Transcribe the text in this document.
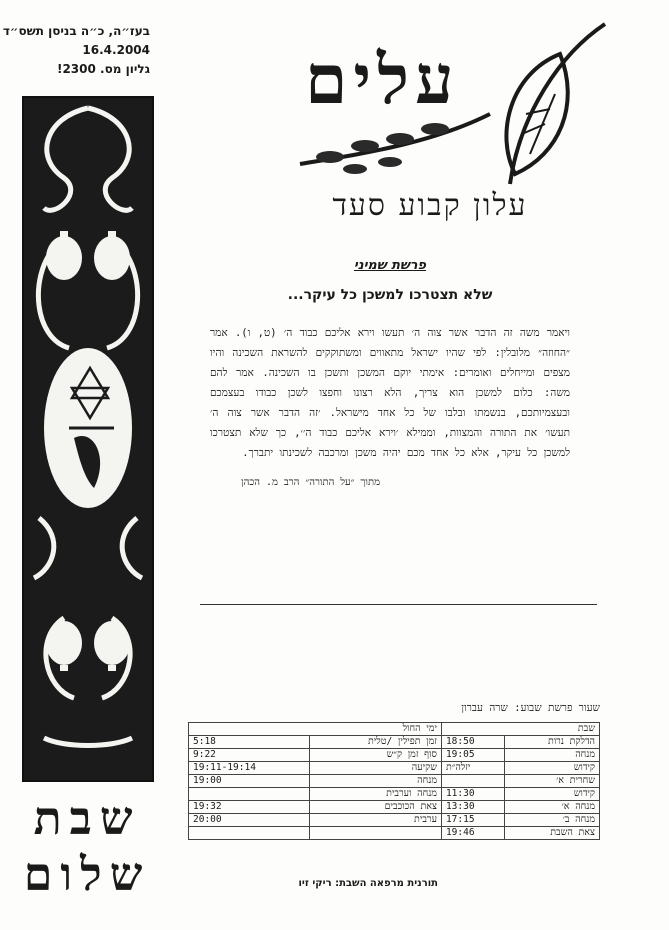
בעז״ה, כ״ה בניסן תשס״ד
16.4.2004
גליון מס. 2300!
שבת
שלום
עלים
עלון קבוע סעד
פרשת שמיני
שלא תצטרכו למשכן כל עיקר...
ויאמר משה זה הדבר אשר צוה ה׳ תעשו וירא אליכם כבוד ה׳ (ט, ו). אמר ״החוזה״ מלובלין: לפי שהיו ישראל מתאווים ומשתוקקים להשראת השכינה והיו מצפים ומייחלים ואומרים: אימתי יוקם המשכן ותשכן בו השכינה. אמר להם משה: כלום למשכן הוא צריך, הלא רצונו וחפצו לשכן כבודו בעצמכם ובעצמיותכם, בנשמתו ובלבו של כל אחד מישראל. ׳זה הדבר אשר צוה ה׳ תעשו׳ את התורה והמצוות, וממילא ׳וירא אליכם כבוד ה׳׳, כך שלא תצטרכו למשכן כל עיקר, אלא כל אחד מכם יהיה משכן ומרכבה לשכינתו יתברך.
מתוך ״על התורה״ הרב מ. הכהן
שעור פרשת שבוע: שרה עברון
שבת		ימי החול	
הדלקת נרות	18:50	זמן תפילין /טלית	5:18
מנחה	19:05	סוף זמן ק״ש	9:22
קידוש	יזלה״ת	שקיעה	19:11-19:14
שחרית א׳		מנחה	19:00
קידוש	11:30	מנחה וערבית	
מנחה א׳	13:30	צאת הכוכבים	19:32
מנחה ב׳	17:15	ערבית	20:00
צאת השבת	19:46		
תורנית מרפאה השבת: ריקי זיו
